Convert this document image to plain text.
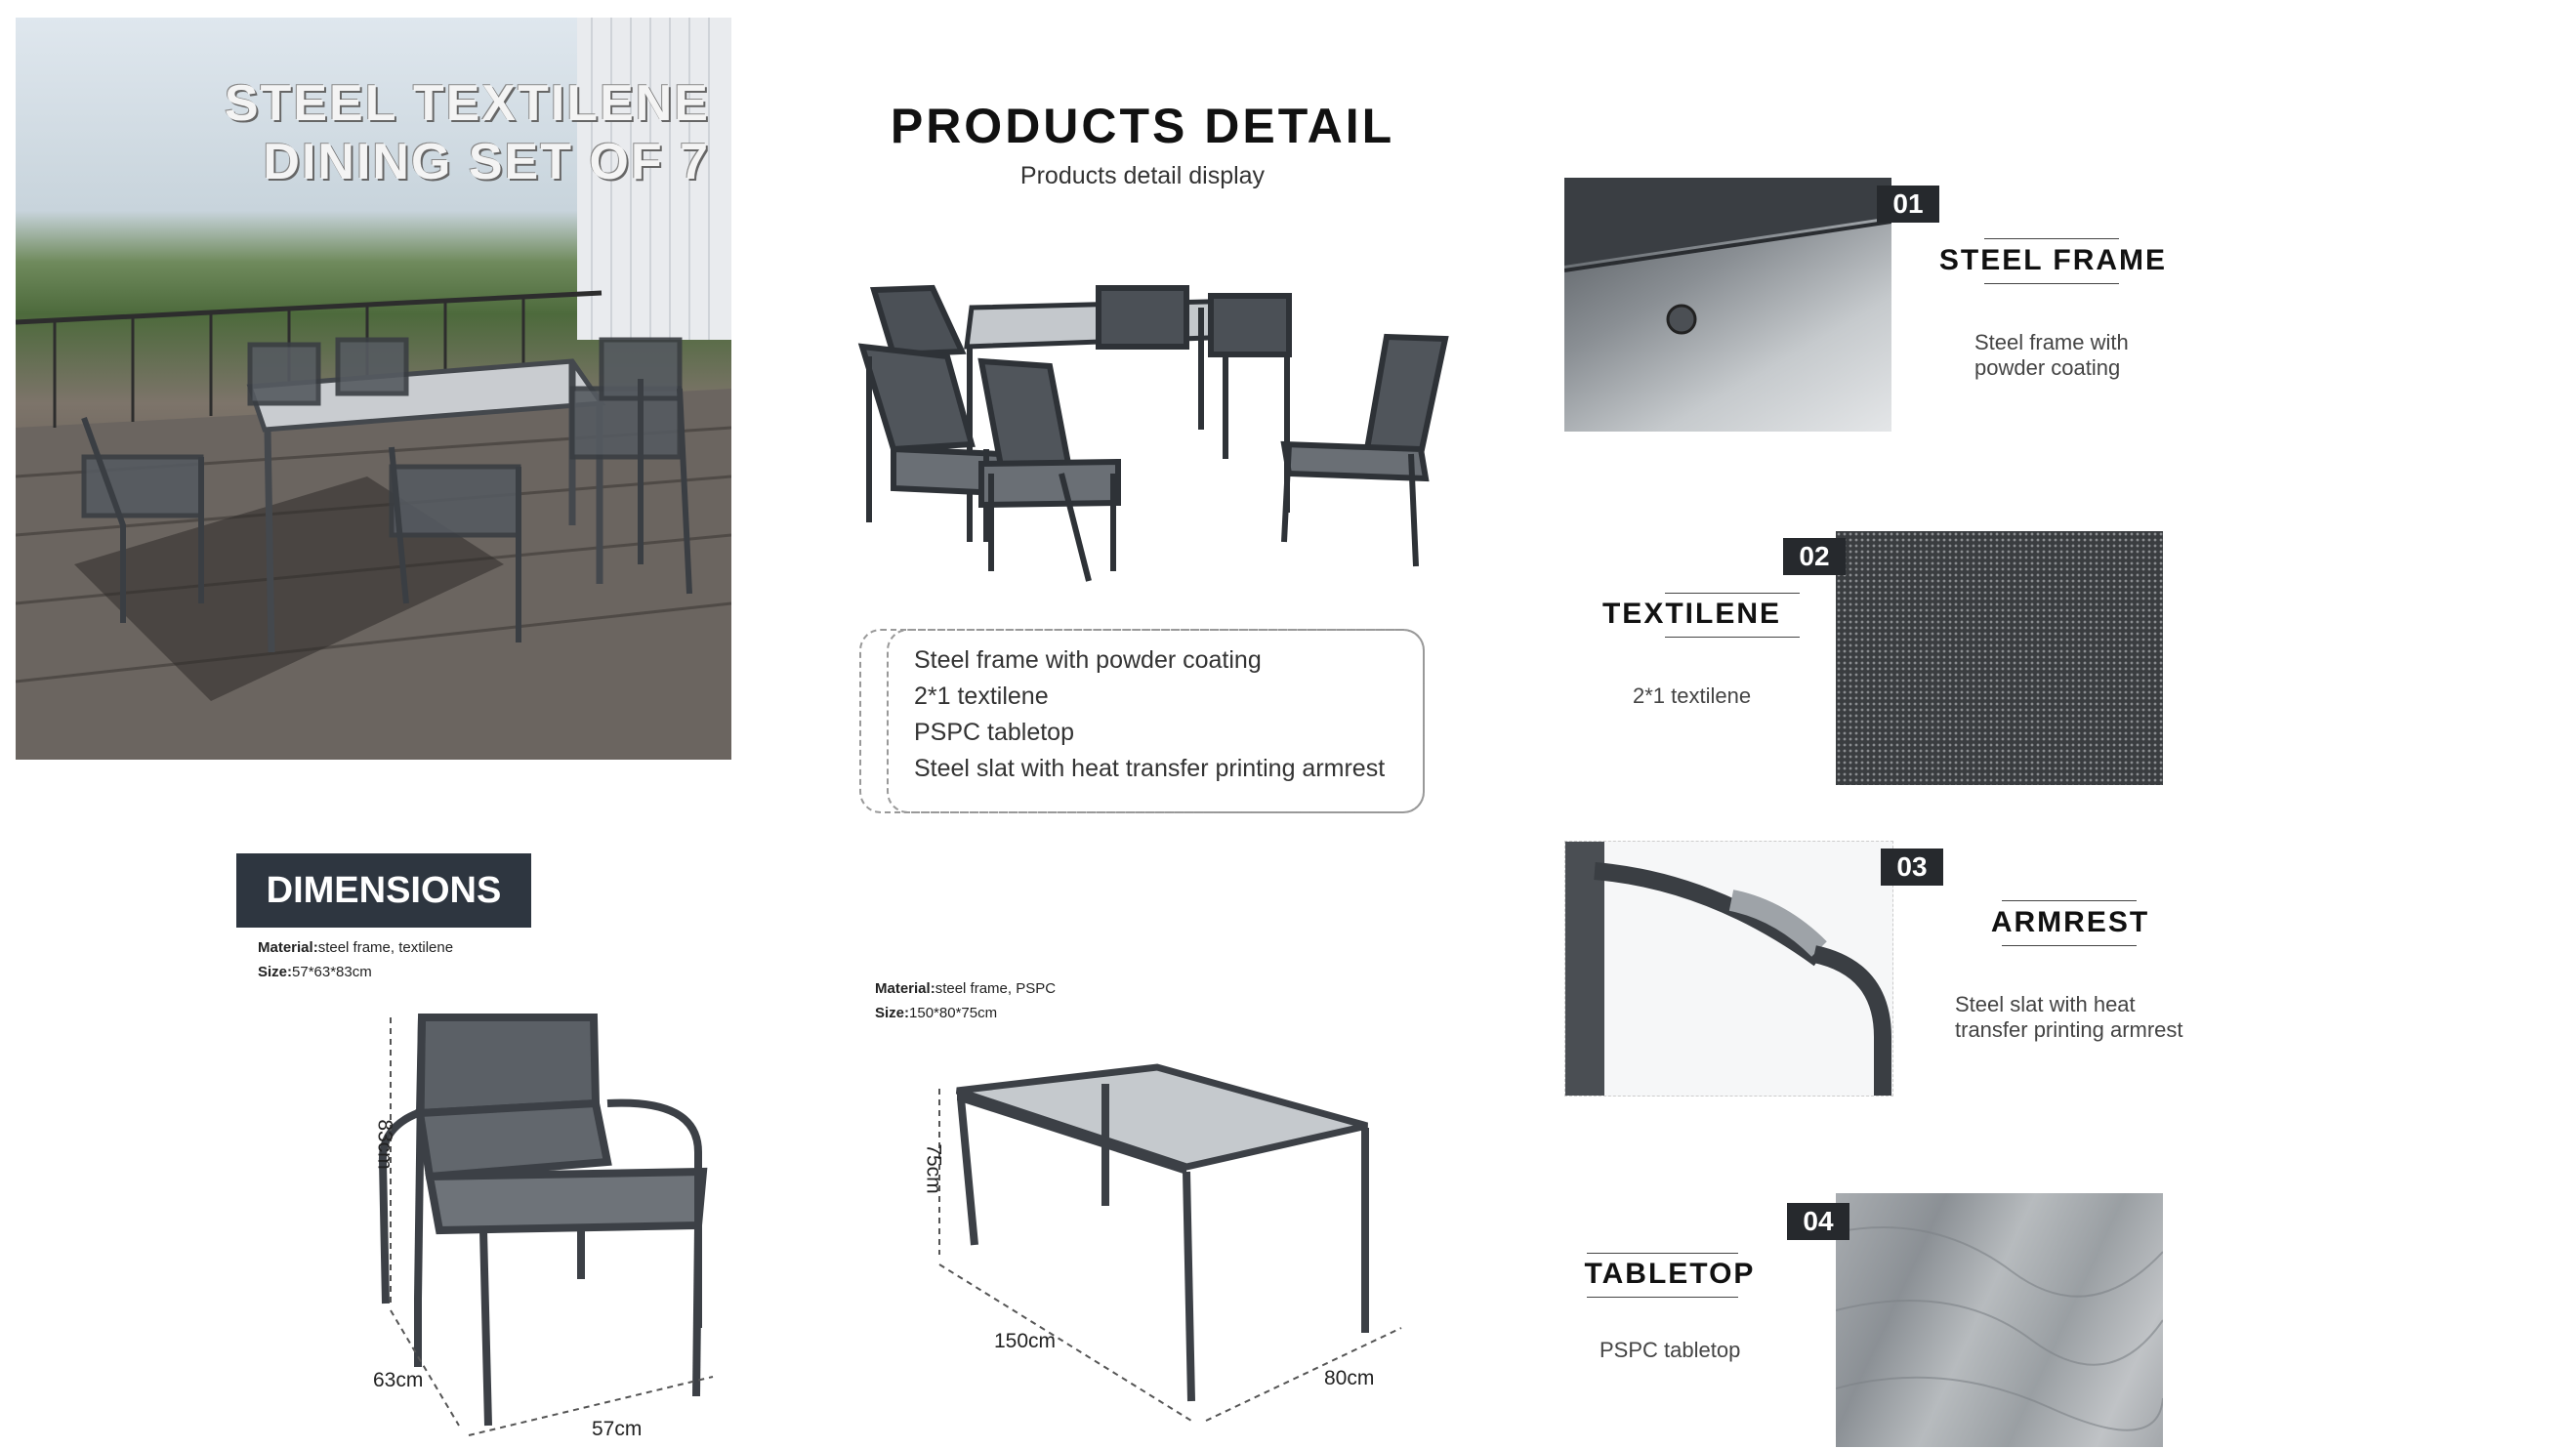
STEEL TEXTILENE
DINING SET OF 7
PRODUCTS DETAIL
Products detail display
Steel frame with powder coating
2*1 textilene
PSPC tabletop
Steel slat with heat transfer printing armrest
DIMENSIONS
Material:steel frame, textilene
Size:57*63*83cm
83cm
63cm
57cm
Material:steel frame, PSPC
Size:150*80*75cm
75cm
150cm
80cm
01
STEEL FRAME
Steel frame with
powder coating
02
TEXTILENE
2*1 textilene
03
ARMREST
Steel slat with heat
transfer printing armrest
04
TABLETOP
PSPC tabletop
